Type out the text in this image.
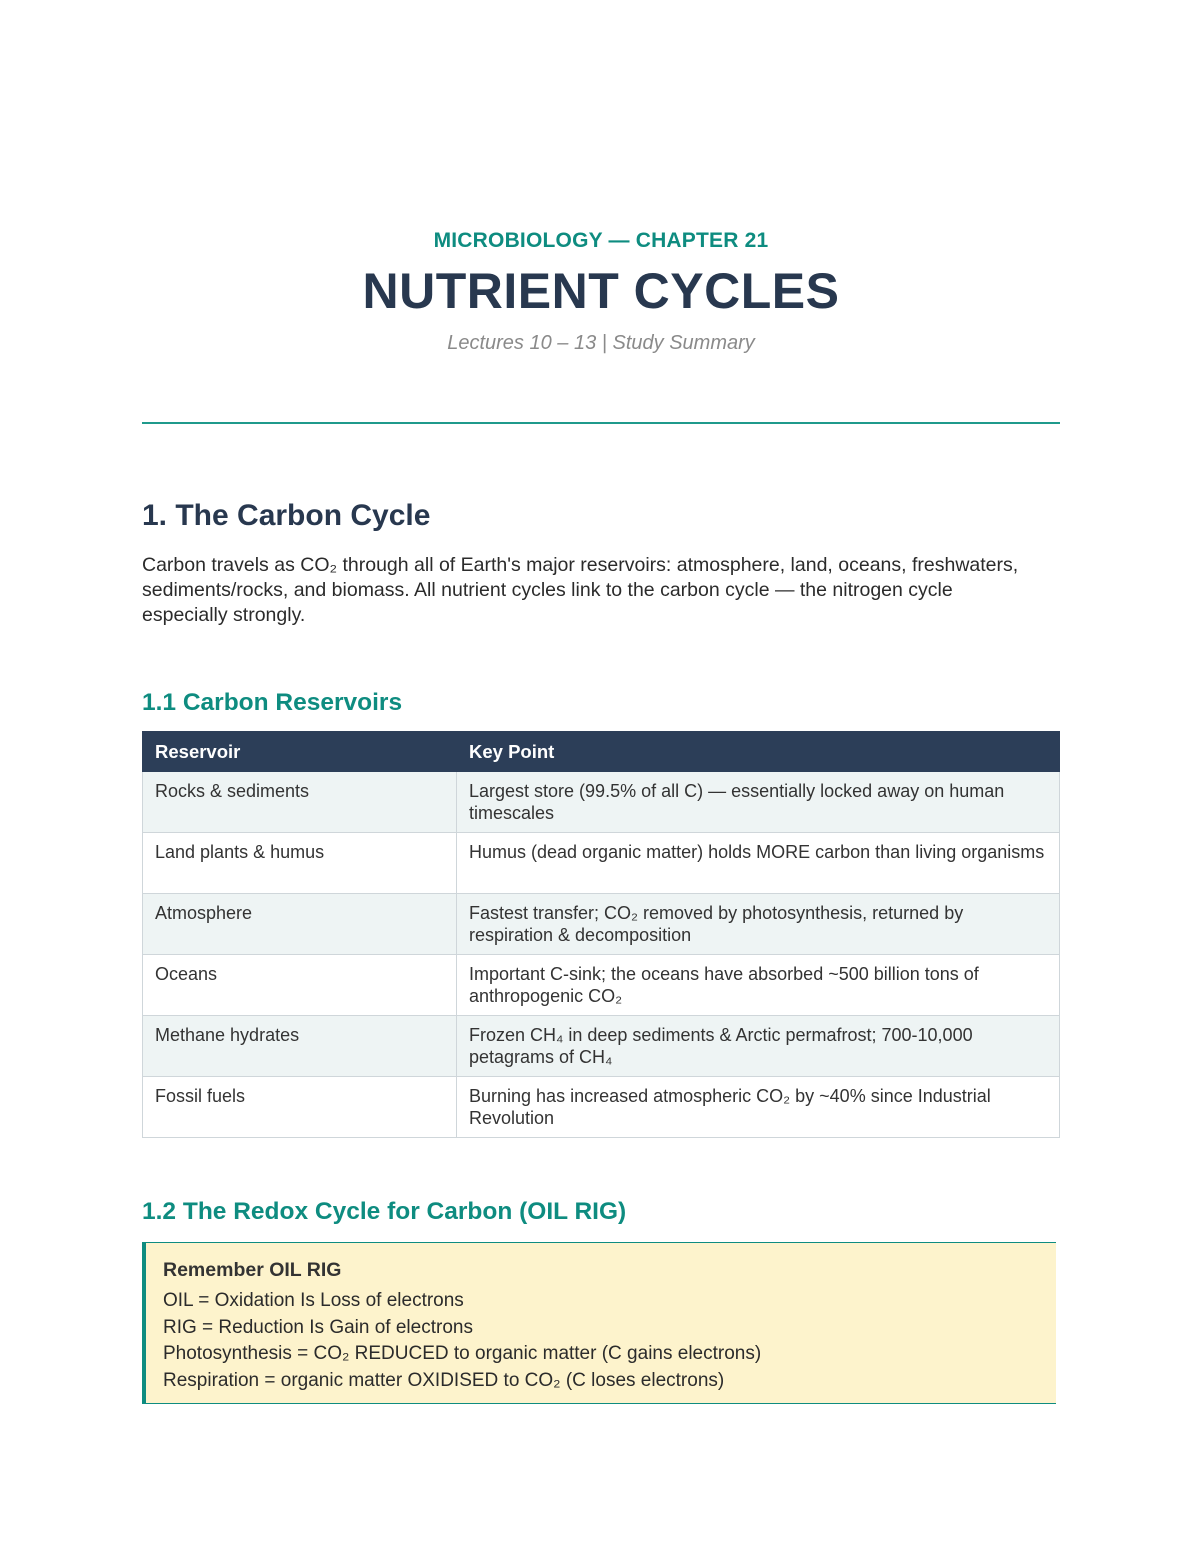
MICROBIOLOGY — CHAPTER 21
NUTRIENT CYCLES
Lectures 10 – 13 | Study Summary
1. The Carbon Cycle
Carbon travels as CO₂ through all of Earth's major reservoirs: atmosphere, land, oceans, freshwaters, sediments/rocks, and biomass. All nutrient cycles link to the carbon cycle — the nitrogen cycle especially strongly.
1.1 Carbon Reservoirs
Reservoir	Key Point
Rocks & sediments	Largest store (99.5% of all C) — essentially locked away on human timescales
Land plants & humus	Humus (dead organic matter) holds MORE carbon than living organisms
Atmosphere	Fastest transfer; CO₂ removed by photosynthesis, returned by respiration & decomposition
Oceans	Important C-sink; the oceans have absorbed ~500 billion tons of anthropogenic CO₂
Methane hydrates	Frozen CH₄ in deep sediments & Arctic permafrost; 700-10,000 petagrams of CH₄
Fossil fuels	Burning has increased atmospheric CO₂ by ~40% since Industrial Revolution
1.2 The Redox Cycle for Carbon (OIL RIG)
Remember OIL RIG
OIL = Oxidation Is Loss of electrons
RIG = Reduction Is Gain of electrons
Photosynthesis = CO₂ REDUCED to organic matter (C gains electrons)
Respiration = organic matter OXIDISED to CO₂ (C loses electrons)
